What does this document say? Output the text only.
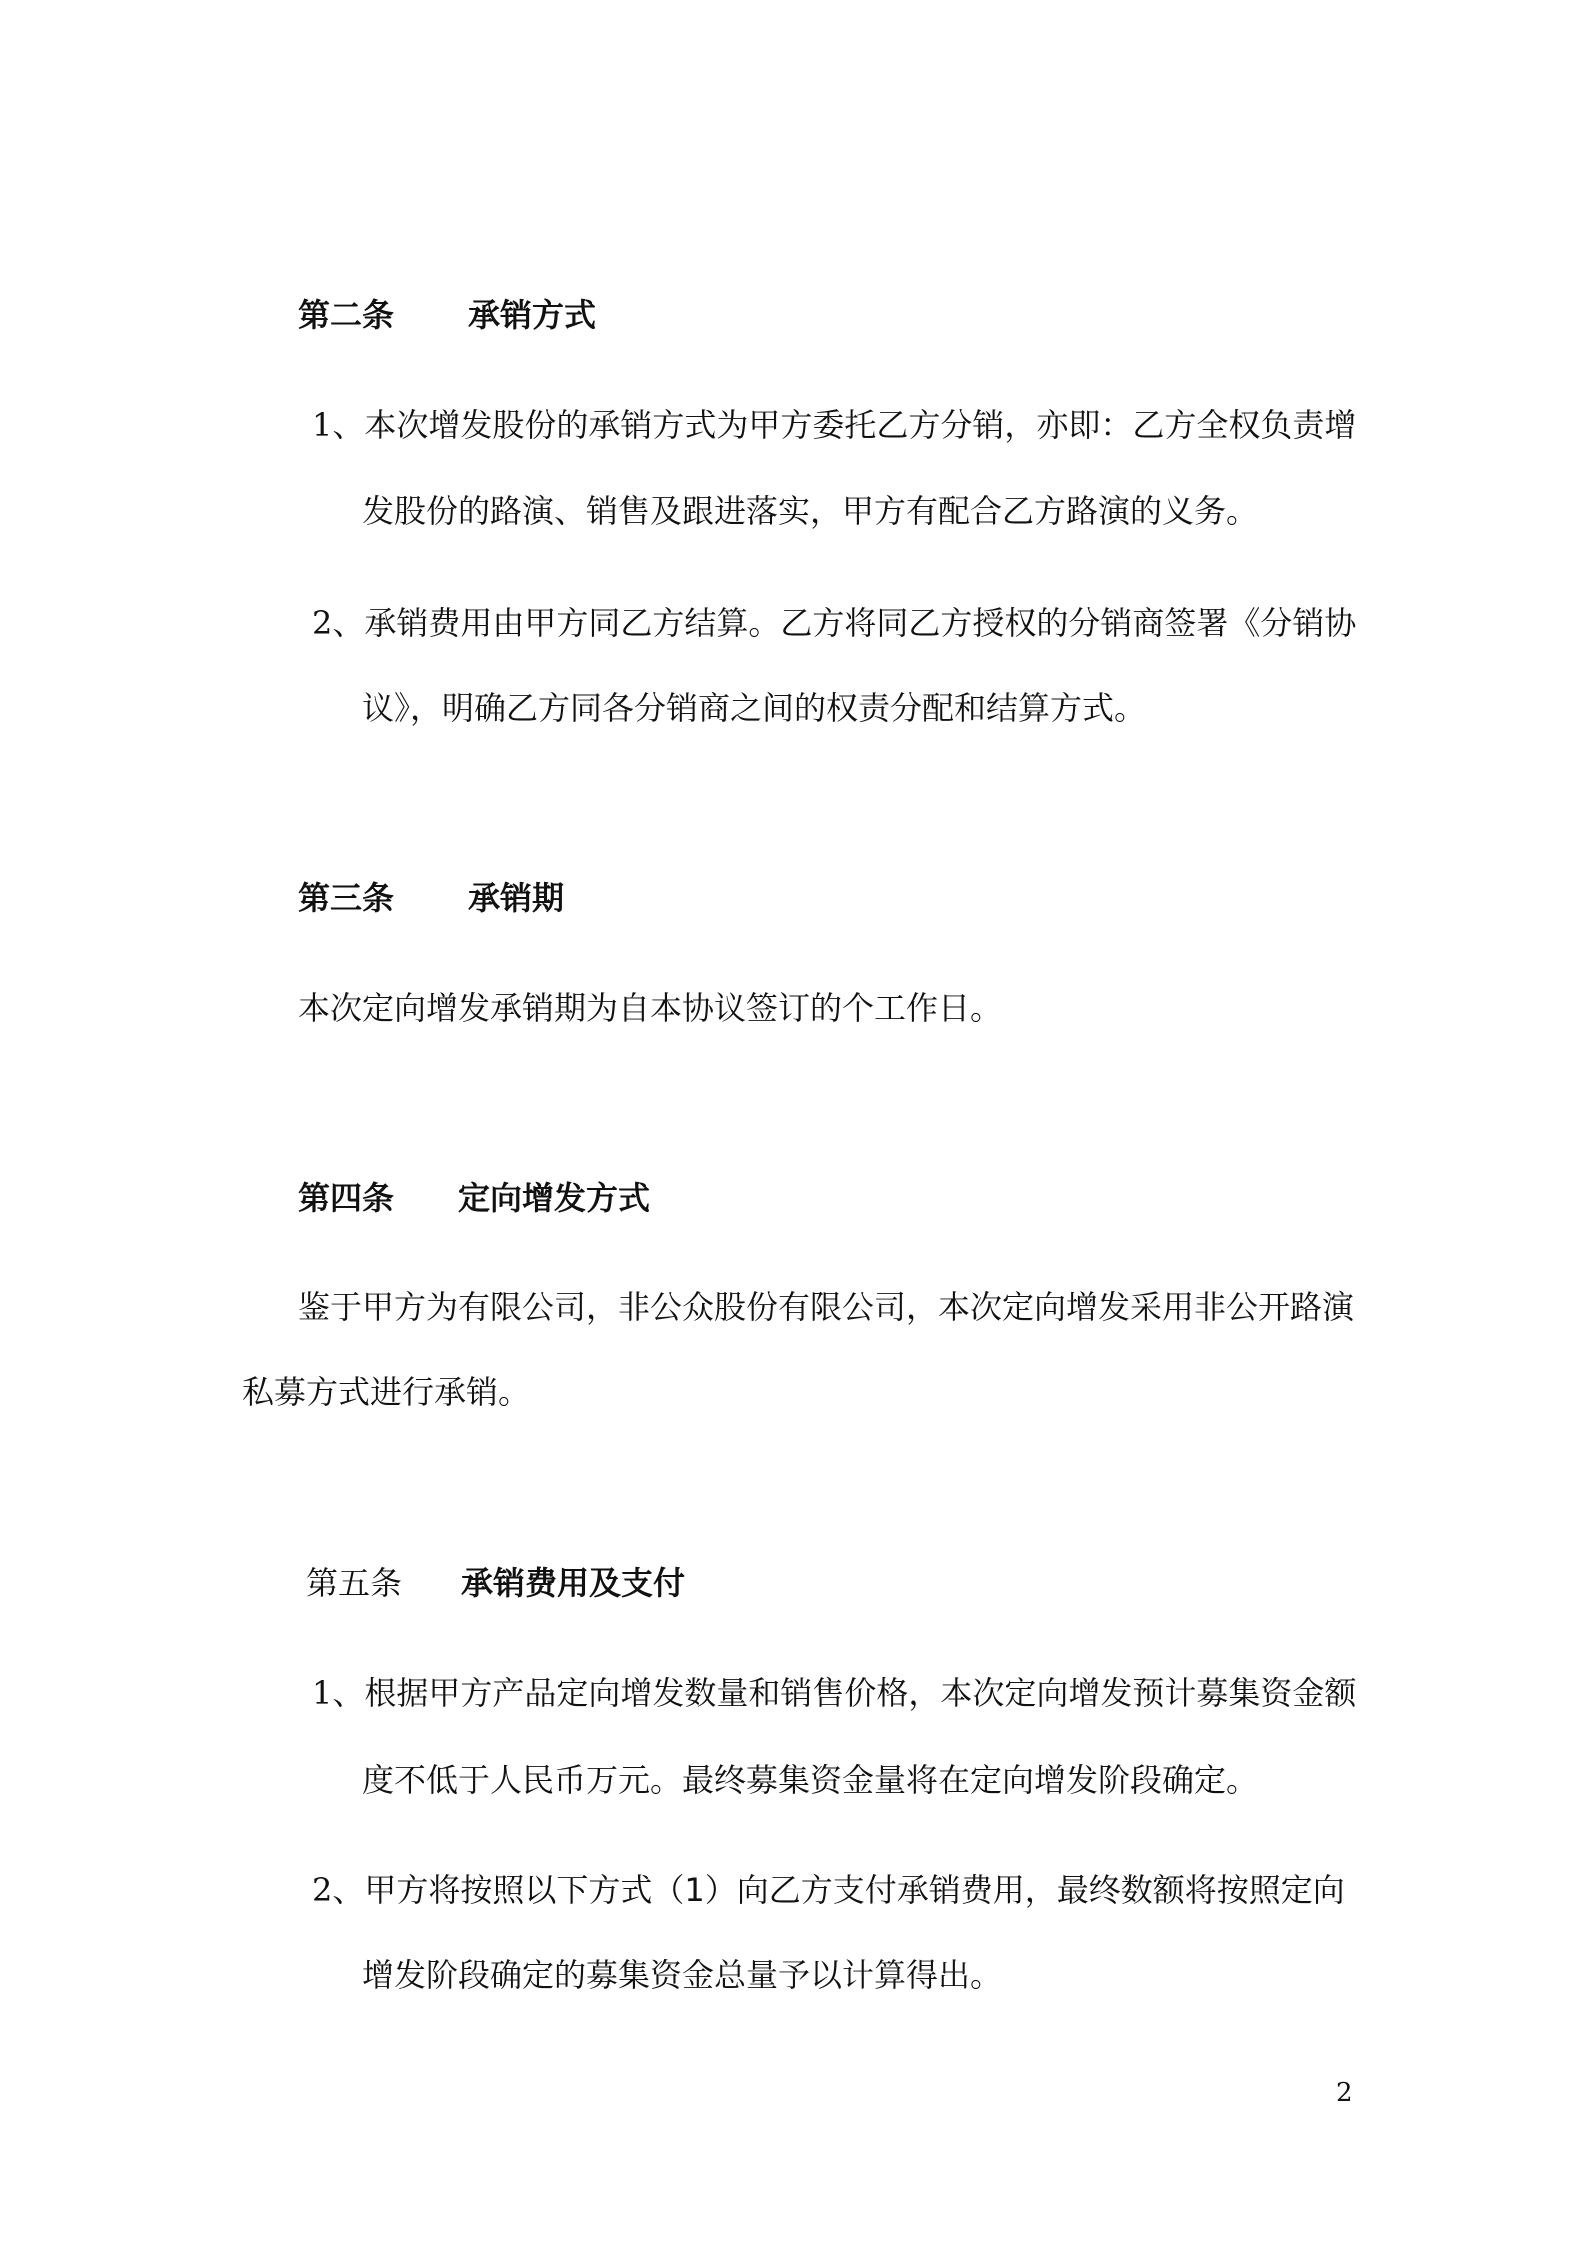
第二条 承销方式
1、本次增发股份的承销方式为甲方委托乙方分销，亦即：乙方全权负责增
发股份的路演、销售及跟进落实，甲方有配合乙方路演的义务。
2、承销费用由甲方同乙方结算。乙方将同乙方授权的分销商签署《分销协
议》，明确乙方同各分销商之间的权责分配和结算方式。
第三条 承销期
本次定向增发承销期为自本协议签订的个工作日。
第四条 定向增发方式
鉴于甲方为有限公司，非公众股份有限公司，本次定向增发采用非公开路演
私募方式进行承销。
第五条 承销费用及支付
1、根据甲方产品定向增发数量和销售价格，本次定向增发预计募集资金额
度不低于人民币万元。最终募集资金量将在定向增发阶段确定。
2、甲方将按照以下方式（1）向乙方支付承销费用，最终数额将按照定向
增发阶段确定的募集资金总量予以计算得出。
2
